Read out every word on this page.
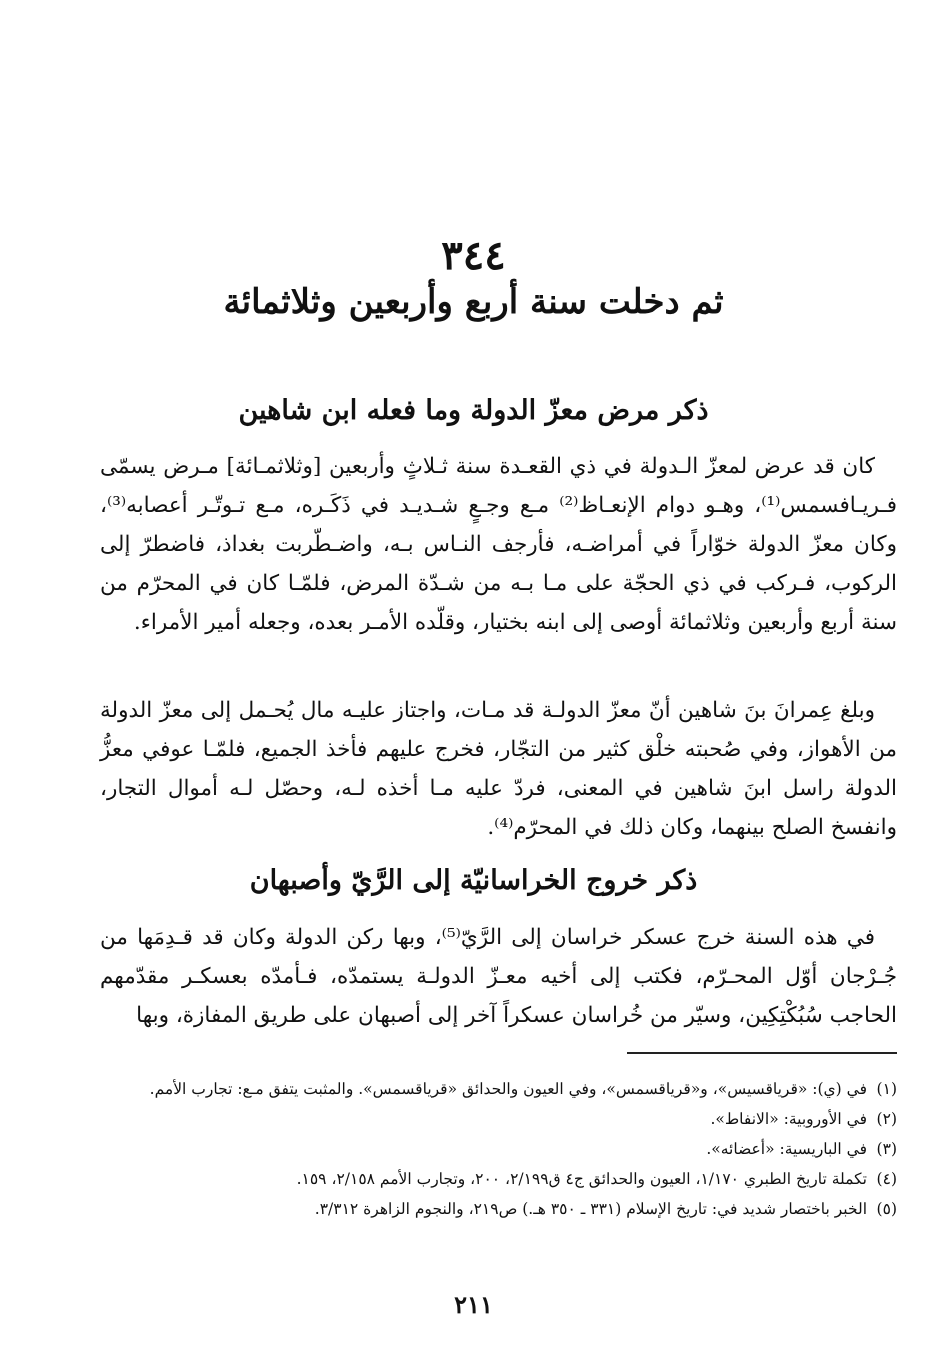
٣٤٤
ثم دخلت سنة أربع وأربعين وثلاثمائة
ذكر مرض معزّ الدولة وما فعله ابن شاهين
كان قد عرض لمعزّ الـدولة في ذي القعـدة سنة ثـلاثٍ وأربعين [وثلاثمـائة] مـرض يسمّى فـريـافسمس⁽¹⁾، وهـو دوام الإنعـاظ⁽²⁾ مـع وجـعٍ شـديـد في ذَكَـره، مـع تـوتّـر أعصابه⁽³⁾، وكان معزّ الدولة خوّاراً في أمراضـه، فأرجف النـاس بـه، واضـطّربت بغداذ، فاضطرّ إلى الركوب، فـركب في ذي الحجّة على مـا بـه من شـدّة المرض، فلمّـا كان في المحرّم من سنة أربع وأربعين وثلاثمائة أوصى إلى ابنه بختيار، وقلّده الأمـر بعده، وجعله أمير الأمراء.
وبلغ عِمرانَ بنَ شاهين أنّ معزّ الدولـة قد مـات، واجتاز عليـه مال يُحـمل إلى معزّ الدولة من الأهواز، وفي صُحبته خلْق كثير من التجّار، فخرج عليهم فأخذ الجميع، فلمّـا عوفي معزُّ الدولة راسل ابنَ شاهين في المعنى، فردّ عليه مـا أخذه لـه، وحصّل لـه أموال التجار، وانفسخ الصلح بينهما، وكان ذلك في المحرّم⁽⁴⁾.
ذكر خروج الخراسانيّة إلى الرَّيّ وأصبهان
في هذه السنة خرج عسكر خراسان إلى الرَّيّ⁽⁵⁾، وبها ركن الدولة وكان قد قـدِمَها من جُـرْجان أوّل المحـرّم، فكتب إلى أخيه معـزّ الدولـة يستمدّه، فـأمدّه بعسكـر مقدّمهم الحاجب سُبُكْتِكِين، وسيّر من خُراسان عسكراً آخر إلى أصبهان على طريق المفازة، وبها
(١)
في (ي): «قرياقسيس»، و«قرياقسمس»، وفي العيون والحدائق «قرياقسمس». والمثبت يتفق مـع: تجارب الأمم.
(٢)
في الأوروبية: «الانفاط».
(٣)
في الباريسية: «أعضائه».
(٤)
تكملة تاريخ الطبري ١/١٧٠، العيون والحدائق ج٤ ق٢/١٩٩، ٢٠٠، وتجارب الأمم ٢/١٥٨، ١٥٩.
(٥)
الخبر باختصار شديد في: تاريخ الإسلام (٣٣١ ـ ٣٥٠ هـ.) ص٢١٩، والنجوم الزاهرة ٣/٣١٢.
٢١١
